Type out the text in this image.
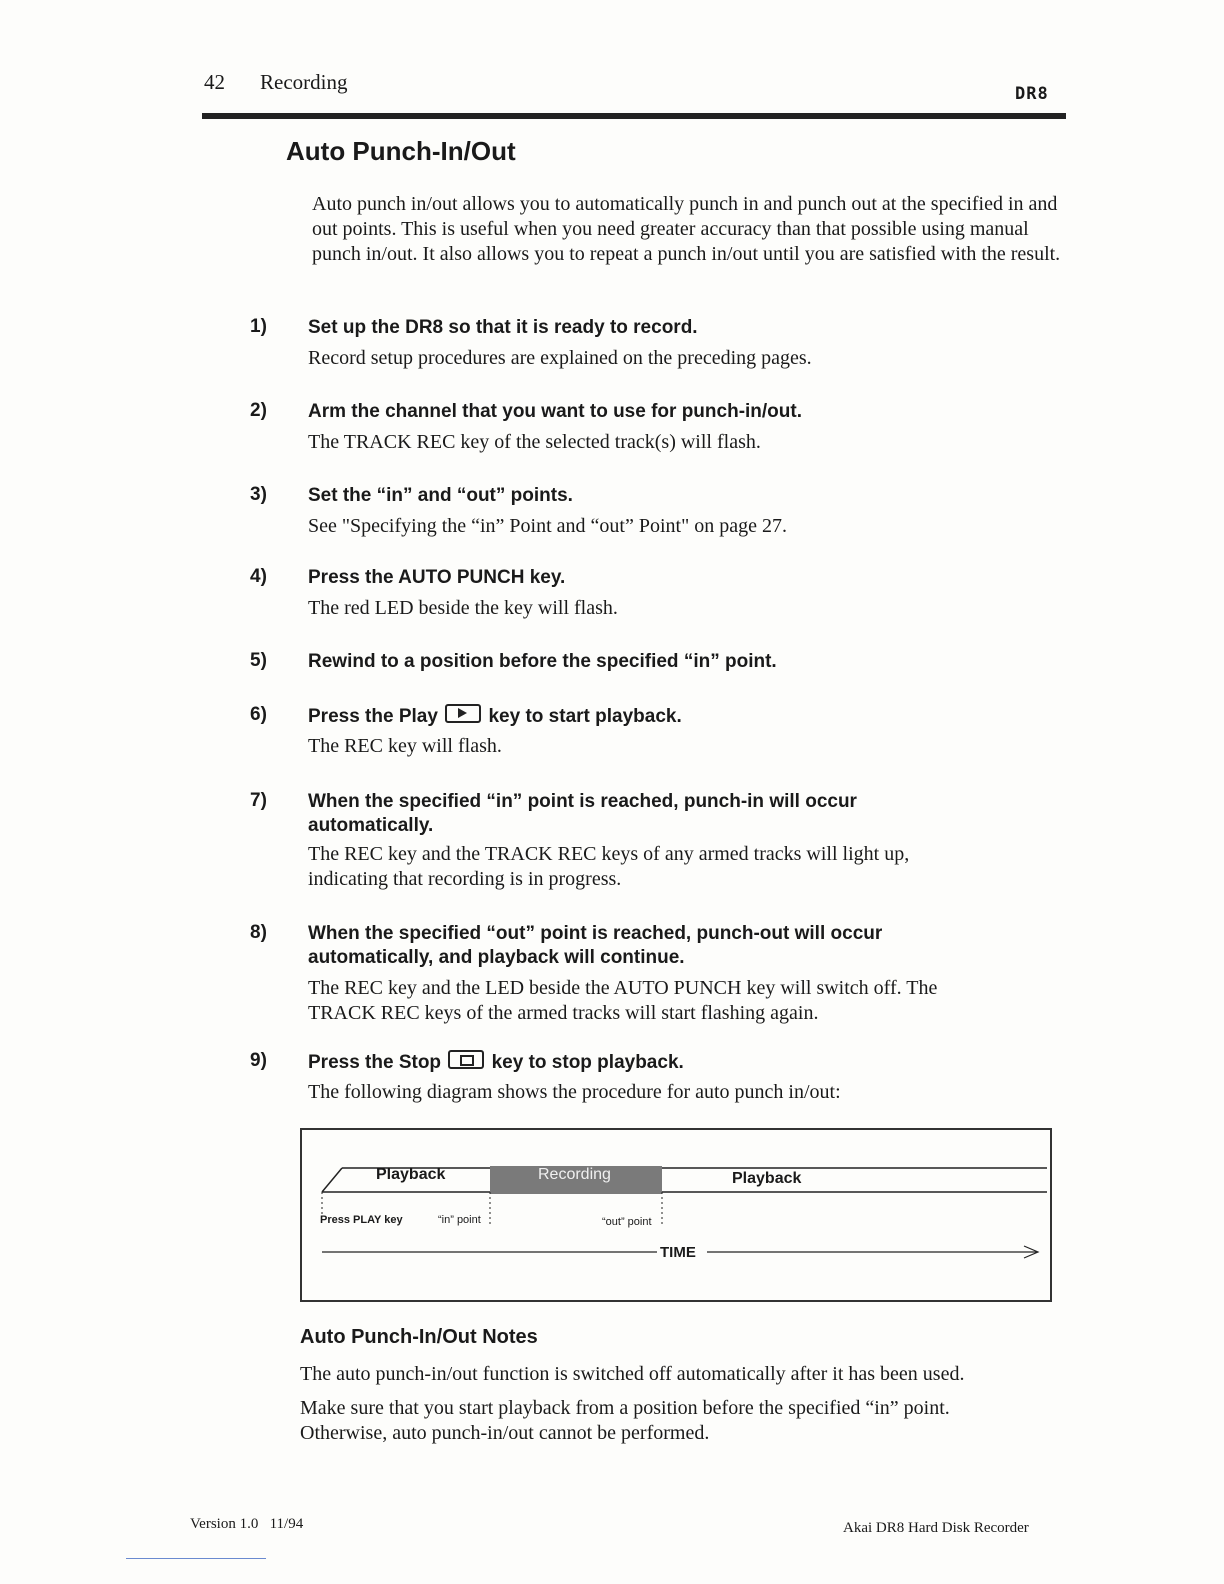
42 Recording	DR8
Auto Punch-In/Out
Auto punch in/out allows you to automatically punch in and punch out at the specified in and out points. This is useful when you need greater accuracy than that possible using manual punch in/out. It also allows you to repeat a punch in/out until you are satisfied with the result.
1) Set up the DR8 so that it is ready to record.
Record setup procedures are explained on the preceding pages.
2) Arm the channel that you want to use for punch-in/out.
The TRACK REC key of the selected track(s) will flash.
3) Set the “in” and “out” points.
See "Specifying the “in” Point and “out” Point" on page 27.
4) Press the AUTO PUNCH key.
The red LED beside the key will flash.
5) Rewind to a position before the specified “in” point.
6) Press the Play	key to start playback.
The REC key will flash.
7) When the specified “in” point is reached, punch-in will occur automatically.
The REC key and the TRACK REC keys of any armed tracks will light up, indicating that recording is in progress.
8) When the specified “out” point is reached, punch-out will occur automatically, and playback will continue.
The REC key and the LED beside the AUTO PUNCH key will switch off. The TRACK REC keys of the armed tracks will start flashing again.
9) Press the Stop	key to stop playback.
The following diagram shows the procedure for auto punch in/out:
Playback	Recording	Playback
Press PLAY key	“in” point	“out” point
TIME
Auto Punch-In/Out Notes
The auto punch-in/out function is switched off automatically after it has been used.
Make sure that you start playback from a position before the specified “in” point. Otherwise, auto punch-in/out cannot be performed.
Version 1.0   11/94	Akai DR8 Hard Disk Recorder
